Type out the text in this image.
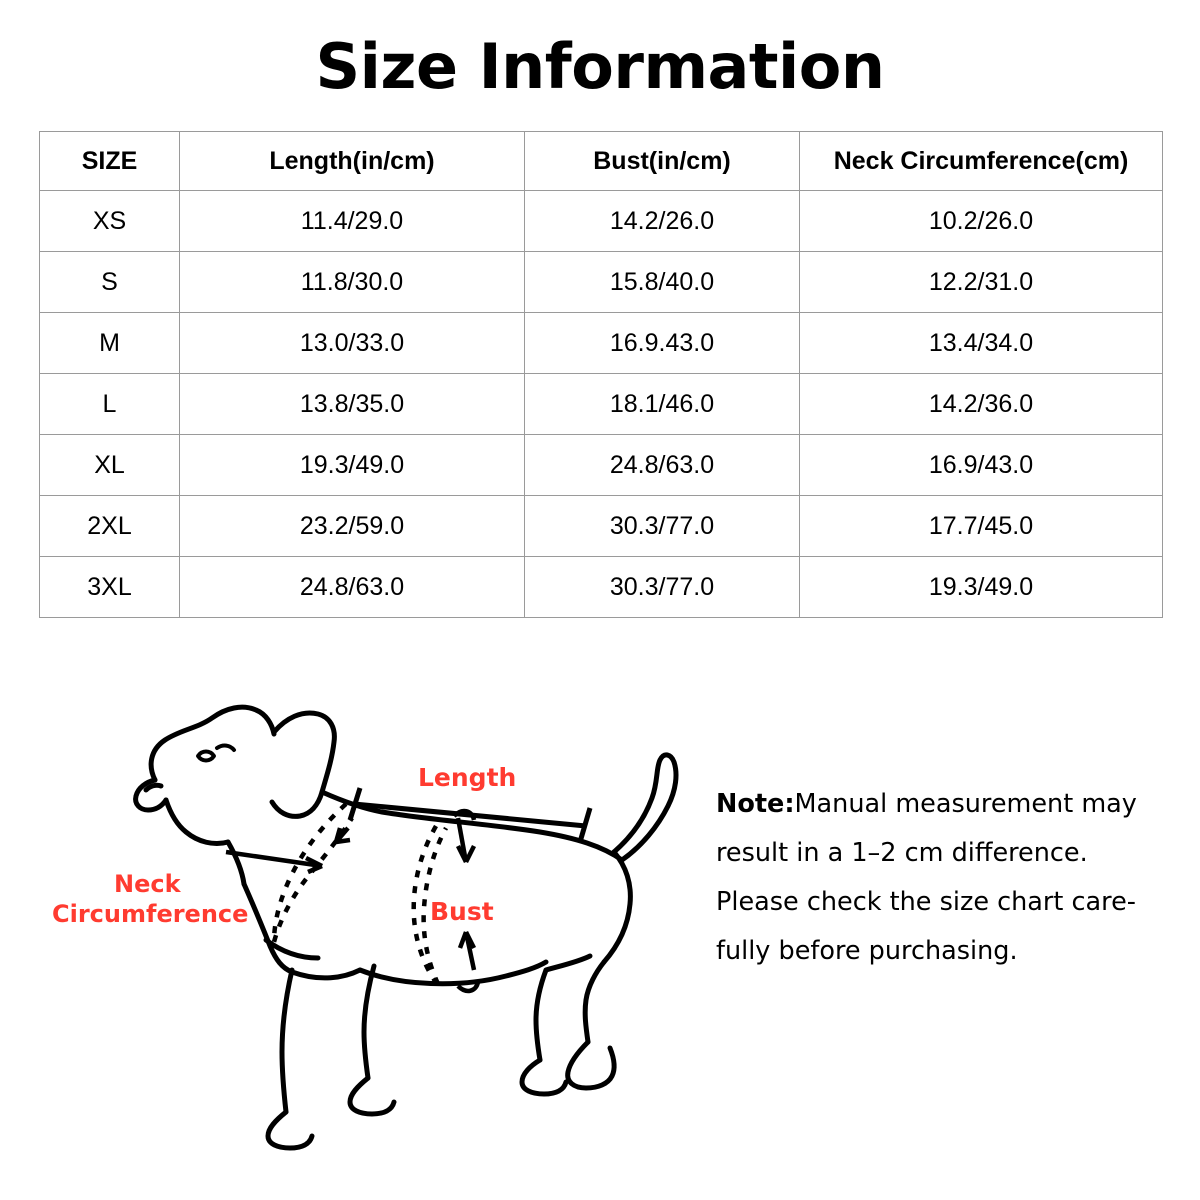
Size Information
SIZE	Length(in/cm)	Bust(in/cm)	Neck Circumference(cm)
XS	11.4/29.0	14.2/26.0	10.2/26.0
S	11.8/30.0	15.8/40.0	12.2/31.0
M	13.0/33.0	16.9.43.0	13.4/34.0
L	13.8/35.0	18.1/46.0	14.2/36.0
XL	19.3/49.0	24.8/63.0	16.9/43.0
2XL	23.2/59.0	30.3/77.0	17.7/45.0
3XL	24.8/63.0	30.3/77.0	19.3/49.0
Length
Bust
Neck
Circumference

Note:Manual measurement may

result in a 1–2 cm difference.

Please check the size chart care-

fully before purchasing.
